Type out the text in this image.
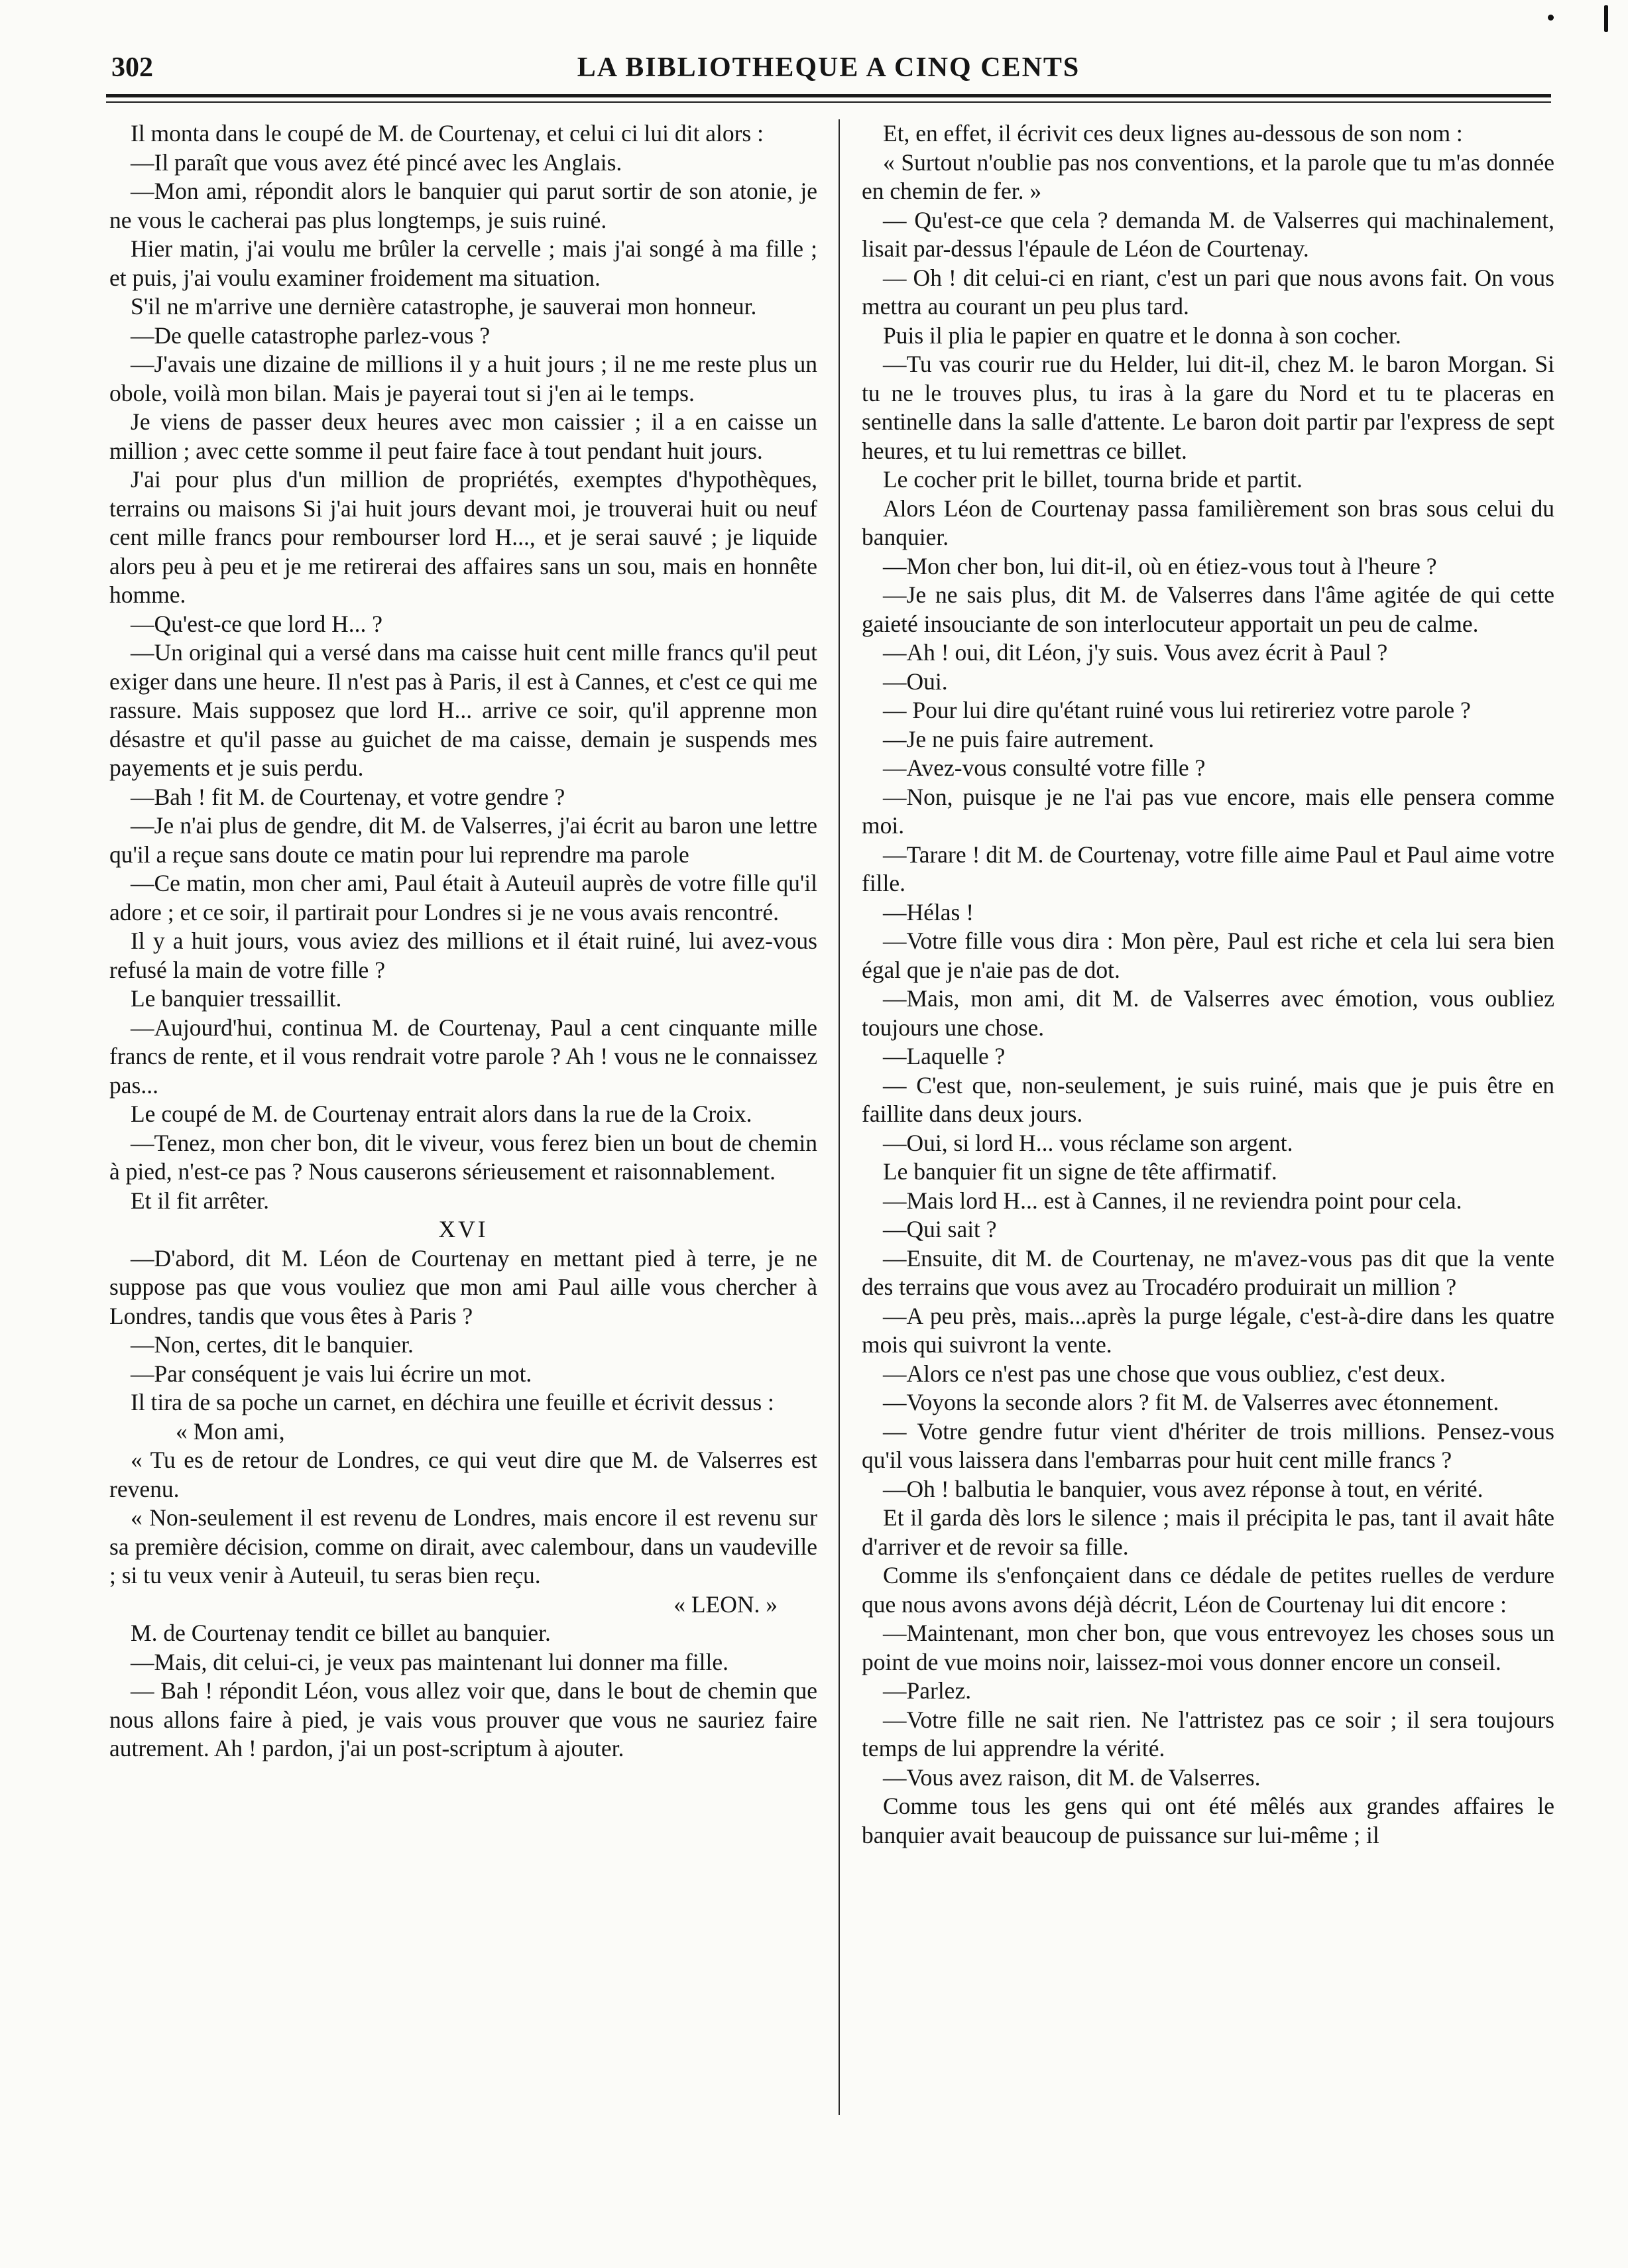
302	LA BIBLIOTHEQUE A CINQ CENTS

Il monta dans le coupé de M. de Courtenay, et celui ci lui dit alors :

—Il paraît que vous avez été pincé avec les Anglais.

—Mon ami, répondit alors le banquier qui parut sortir de son atonie, je ne vous le cacherai pas plus longtemps, je suis ruiné.

Hier matin, j'ai voulu me brûler la cervelle ; mais j'ai songé à ma fille ; et puis, j'ai voulu examiner froidement ma situation.

S'il ne m'arrive une dernière catastrophe, je sauverai mon honneur.

—De quelle catastrophe parlez-vous ?

—J'avais une dizaine de millions il y a huit jours ; il ne me reste plus un obole, voilà mon bilan. Mais je payerai tout si j'en ai le temps.

Je viens de passer deux heures avec mon caissier ; il a en caisse un million ; avec cette somme il peut faire face à tout pendant huit jours.

J'ai pour plus d'un million de propriétés, exemptes d'hypothèques, terrains ou maisons Si j'ai huit jours devant moi, je trouverai huit ou neuf cent mille francs pour rembourser lord H..., et je serai sauvé ; je liquide alors peu à peu et je me retirerai des affaires sans un sou, mais en honnête homme.

—Qu'est-ce que lord H... ?

—Un original qui a versé dans ma caisse huit cent mille francs qu'il peut exiger dans une heure. Il n'est pas à Paris, il est à Cannes, et c'est ce qui me rassure. Mais supposez que lord H... arrive ce soir, qu'il apprenne mon désastre et qu'il passe au guichet de ma caisse, demain je suspends mes payements et je suis perdu.

—Bah ! fit M. de Courtenay, et votre gendre ?

—Je n'ai plus de gendre, dit M. de Valserres, j'ai écrit au baron une lettre qu'il a reçue sans doute ce matin pour lui reprendre ma parole

—Ce matin, mon cher ami, Paul était à Auteuil auprès de votre fille qu'il adore ; et ce soir, il partirait pour Londres si je ne vous avais rencontré.

Il y a huit jours, vous aviez des millions et il était ruiné, lui avez-vous refusé la main de votre fille ?

Le banquier tressaillit.

—Aujourd'hui, continua M. de Courtenay, Paul a cent cinquante mille francs de rente, et il vous rendrait votre parole ? Ah ! vous ne le connaissez pas...

Le coupé de M. de Courtenay entrait alors dans la rue de la Croix.

—Tenez, mon cher bon, dit le viveur, vous ferez bien un bout de chemin à pied, n'est-ce pas ? Nous causerons sérieusement et raisonnablement.

Et il fit arrêter.

XVI

—D'abord, dit M. Léon de Courtenay en mettant pied à terre, je ne suppose pas que vous vouliez que mon ami Paul aille vous chercher à Londres, tandis que vous êtes à Paris ?

—Non, certes, dit le banquier.

—Par conséquent je vais lui écrire un mot.

Il tira de sa poche un carnet, en déchira une feuille et écrivit dessus :

« Mon ami,

« Tu es de retour de Londres, ce qui veut dire que M. de Valserres est revenu.

« Non-seulement il est revenu de Londres, mais encore il est revenu sur sa première décision, comme on dirait, avec calembour, dans un vaudeville ; si tu veux venir à Auteuil, tu seras bien reçu.

« LEON. »

M. de Courtenay tendit ce billet au banquier.

—Mais, dit celui-ci, je veux pas maintenant lui donner ma fille.

— Bah ! répondit Léon, vous allez voir que, dans le bout de chemin que nous allons faire à pied, je vais vous prouver que vous ne sauriez faire autrement. Ah ! pardon, j'ai un post-scriptum à ajouter.

Et, en effet, il écrivit ces deux lignes au-dessous de son nom :

« Surtout n'oublie pas nos conventions, et la parole que tu m'as donnée en chemin de fer. »

— Qu'est-ce que cela ? demanda M. de Valserres qui machinalement, lisait par-dessus l'épaule de Léon de Courtenay.

— Oh ! dit celui-ci en riant, c'est un pari que nous avons fait. On vous mettra au courant un peu plus tard.

Puis il plia le papier en quatre et le donna à son cocher.

—Tu vas courir rue du Helder, lui dit-il, chez M. le baron Morgan. Si tu ne le trouves plus, tu iras à la gare du Nord et tu te placeras en sentinelle dans la salle d'attente. Le baron doit partir par l'express de sept heures, et tu lui remettras ce billet.

Le cocher prit le billet, tourna bride et partit.

Alors Léon de Courtenay passa familièrement son bras sous celui du banquier.

—Mon cher bon, lui dit-il, où en étiez-vous tout à l'heure ?

—Je ne sais plus, dit M. de Valserres dans l'âme agitée de qui cette gaieté insouciante de son interlocuteur apportait un peu de calme.

—Ah ! oui, dit Léon, j'y suis. Vous avez écrit à Paul ?

—Oui.

— Pour lui dire qu'étant ruiné vous lui retireriez votre parole ?

—Je ne puis faire autrement.

—Avez-vous consulté votre fille ?

—Non, puisque je ne l'ai pas vue encore, mais elle pensera comme moi.

—Tarare ! dit M. de Courtenay, votre fille aime Paul et Paul aime votre fille.

—Hélas !

—Votre fille vous dira : Mon père, Paul est riche et cela lui sera bien égal que je n'aie pas de dot.

—Mais, mon ami, dit M. de Valserres avec émotion, vous oubliez toujours une chose.

—Laquelle ?

— C'est que, non-seulement, je suis ruiné, mais que je puis être en faillite dans deux jours.

—Oui, si lord H... vous réclame son argent.

Le banquier fit un signe de tête affirmatif.

—Mais lord H... est à Cannes, il ne reviendra point pour cela.

—Qui sait ?

—Ensuite, dit M. de Courtenay, ne m'avez-vous pas dit que la vente des terrains que vous avez au Trocadéro produirait un million ?

—A peu près, mais...après la purge légale, c'est-à-dire dans les quatre mois qui suivront la vente.

—Alors ce n'est pas une chose que vous oubliez, c'est deux.

—Voyons la seconde alors ? fit M. de Valserres avec étonnement.

— Votre gendre futur vient d'hériter de trois millions. Pensez-vous qu'il vous laissera dans l'embarras pour huit cent mille francs ?

—Oh ! balbutia le banquier, vous avez réponse à tout, en vérité.

Et il garda dès lors le silence ; mais il précipita le pas, tant il avait hâte d'arriver et de revoir sa fille.

Comme ils s'enfonçaient dans ce dédale de petites ruelles de verdure que nous avons avons déjà décrit, Léon de Courtenay lui dit encore :

—Maintenant, mon cher bon, que vous entrevoyez les choses sous un point de vue moins noir, laissez-moi vous donner encore un conseil.

—Parlez.

—Votre fille ne sait rien. Ne l'attristez pas ce soir ; il sera toujours temps de lui apprendre la vérité.

—Vous avez raison, dit M. de Valserres.

Comme tous les gens qui ont été mêlés aux grandes affaires le banquier avait beaucoup de puissance sur lui-même ; il
